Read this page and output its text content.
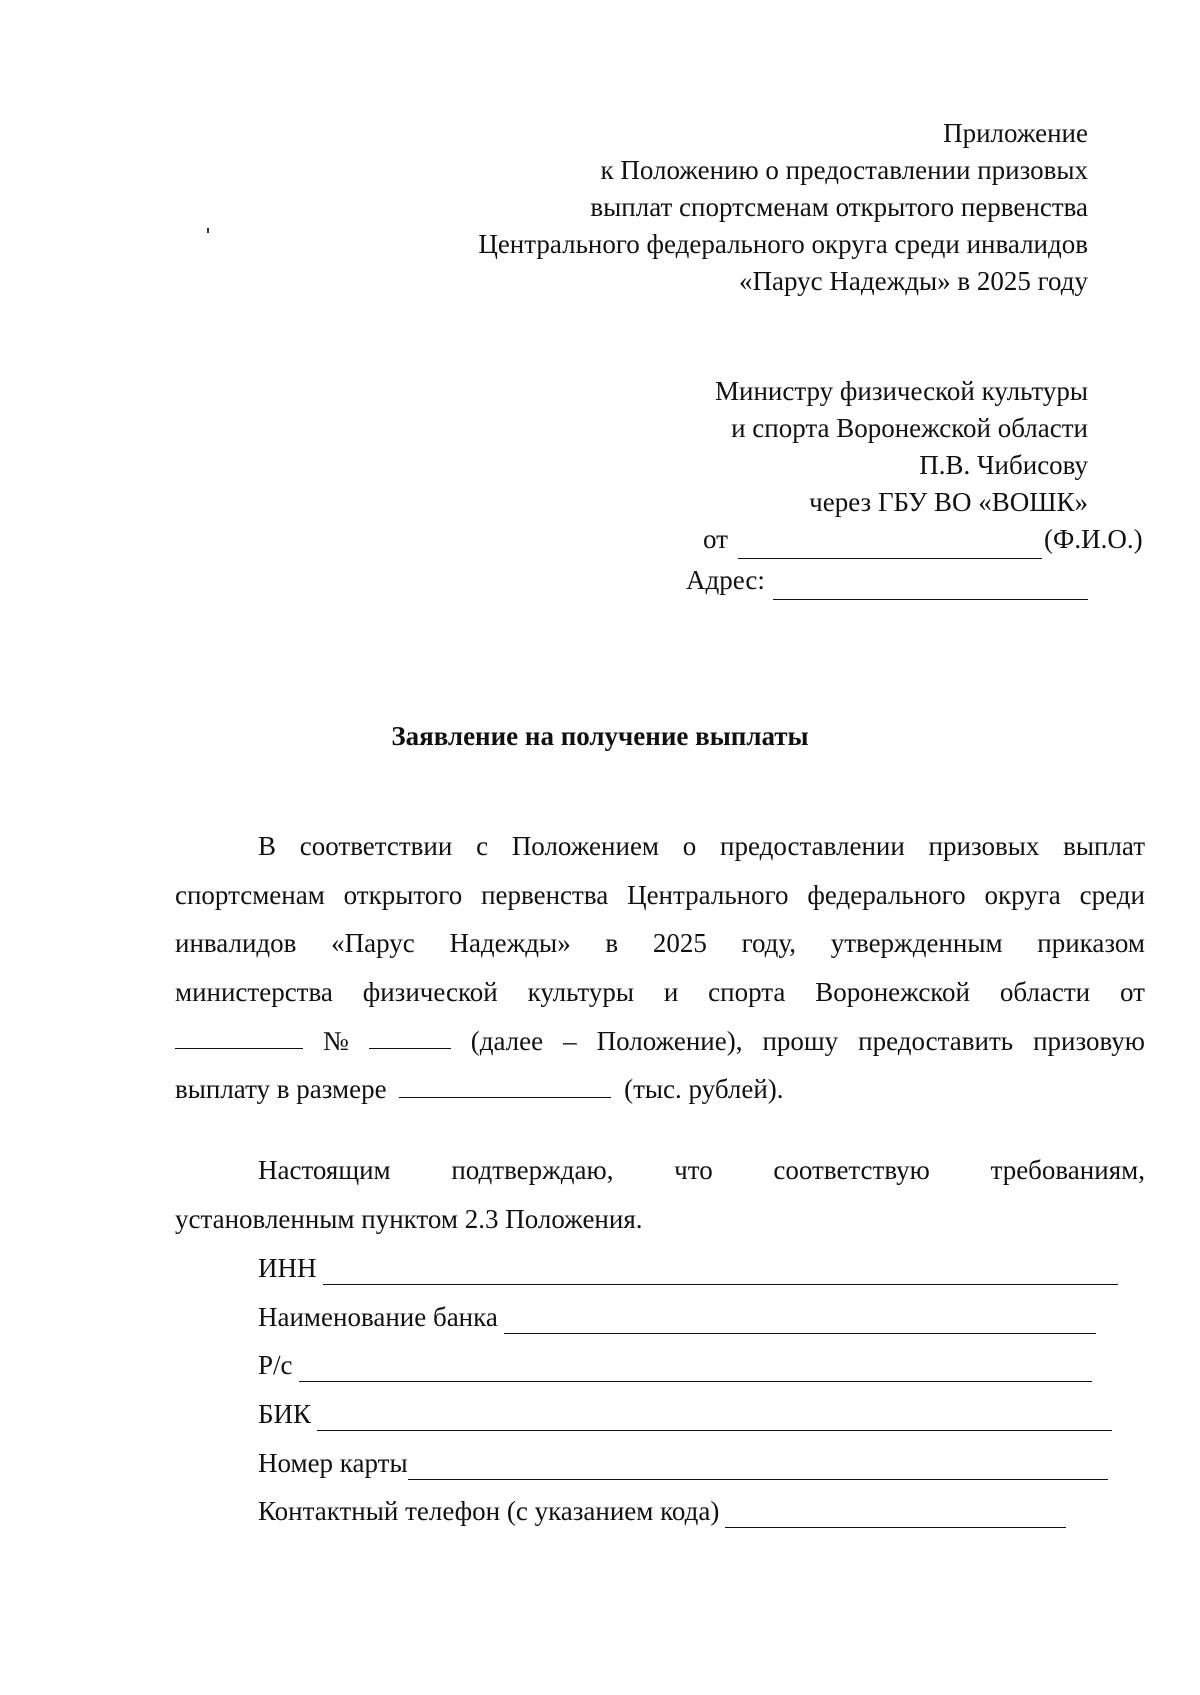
Приложение
к Положению о предоставлении призовых
выплат спортсменам открытого первенства
Центрального федерального округа среди инвалидов
«Парус Надежды» в 2025 году
Министру физической культуры
и спорта Воронежской области
П.В. Чибисову
через ГБУ ВО «ВОШК»
от	(Ф.И.О.)
Адрес:
Заявление на получение выплаты
В соответствии с Положением о предоставлении призовых выплат
спортсменам открытого первенства Центрального федерального округа среди
инвалидов «Парус Надежды» в 2025 году, утвержденным приказом
министерства физической культуры и спорта Воронежской области от
№	(далее – Положение), прошу предоставить призовую
выплату в размере	(тыс. рублей).
Настоящим подтверждаю, что соответствую требованиям,
установленным пунктом 2.3 Положения.
ИНН
Наименование банка
Р/с
БИК
Номер карты
Контактный телефон (с указанием кода)
